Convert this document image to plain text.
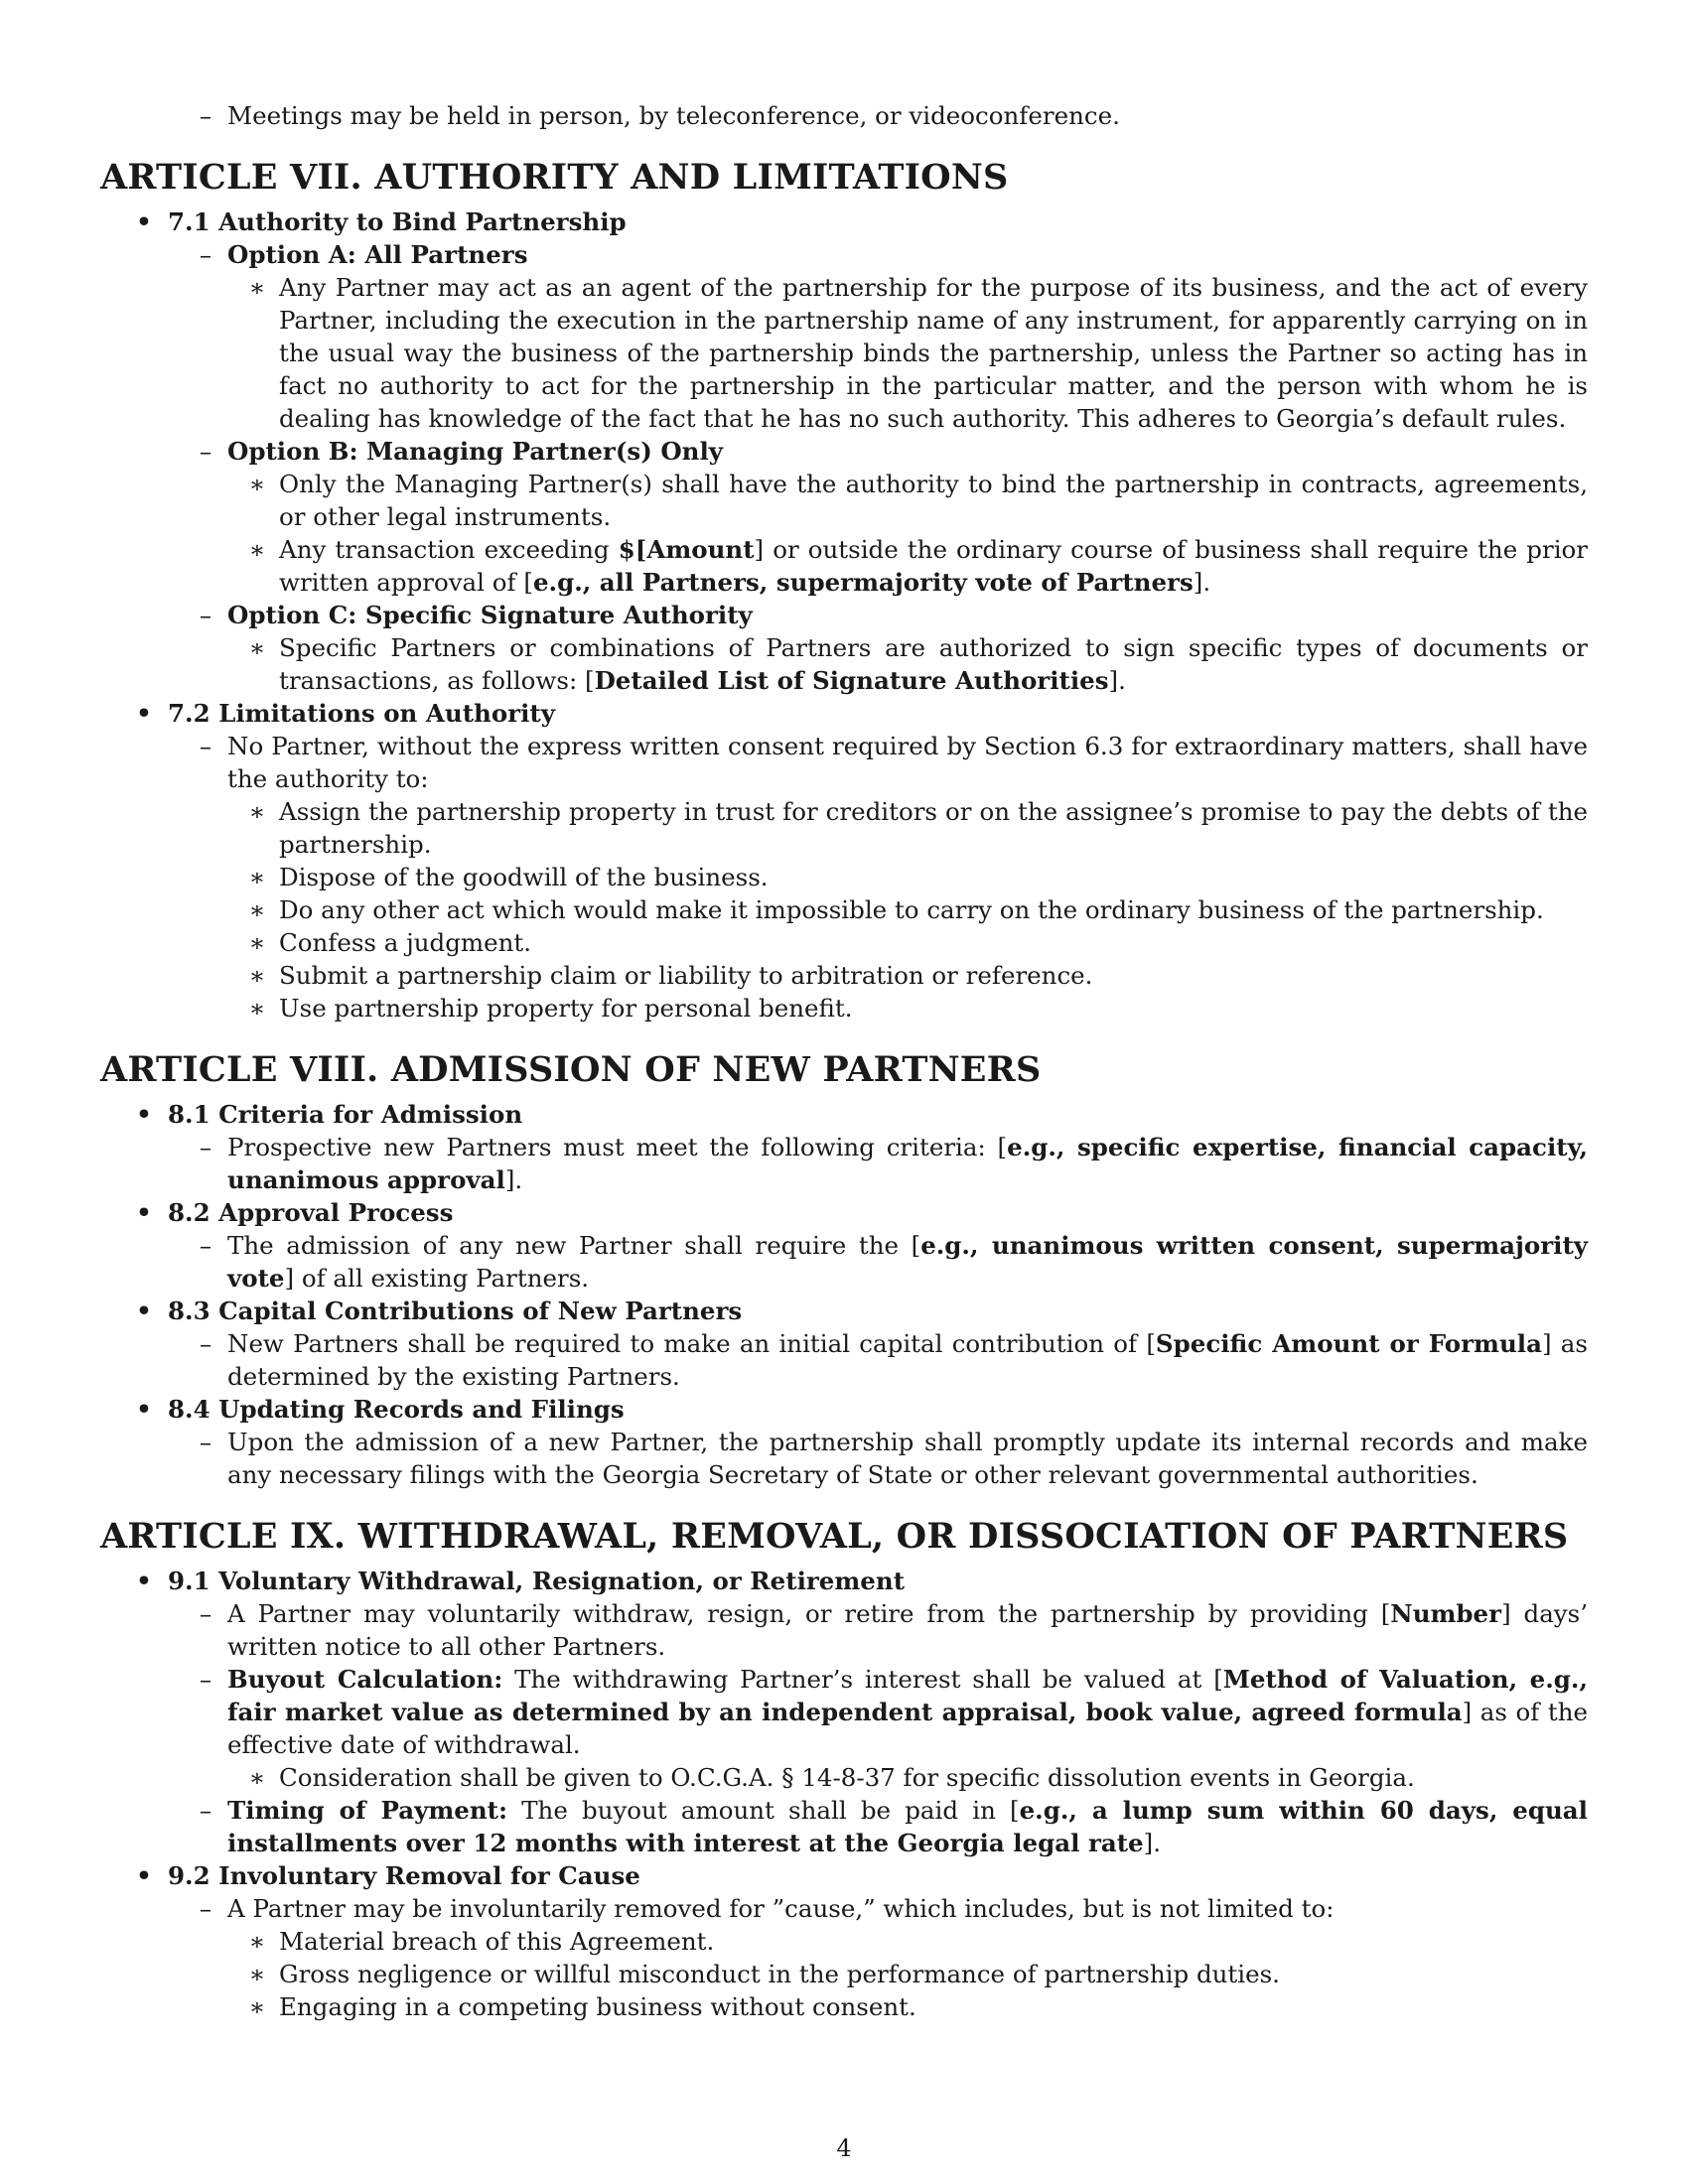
– Meetings may be held in person, by teleconference, or videoconference.
ARTICLE VII. AUTHORITY AND LIMITATIONS
• 7.1 Authority to Bind Partnership
– Option A: All Partners
∗ Any Partner may act as an agent of the partnership for the purpose of its business, and the act of every Partner, including the execution in the partnership name of any instrument, for apparently carrying on in the usual way the business of the partnership binds the partnership, unless the Partner so acting has in fact no authority to act for the partnership in the particular matter, and the person with whom he is dealing has knowledge of the fact that he has no such authority. This adheres to Georgia’s default rules.
– Option B: Managing Partner(s) Only
∗ Only the Managing Partner(s) shall have the authority to bind the partnership in contracts, agreements, or other legal instruments.
∗ Any transaction exceeding $[Amount] or outside the ordinary course of business shall require the prior written approval of [e.g., all Partners, supermajority vote of Partners].
– Option C: Specific Signature Authority
∗ Specific Partners or combinations of Partners are authorized to sign specific types of documents or transactions, as follows: [Detailed List of Signature Authorities].
• 7.2 Limitations on Authority
– No Partner, without the express written consent required by Section 6.3 for extraordinary matters, shall have the authority to:
∗ Assign the partnership property in trust for creditors or on the assignee’s promise to pay the debts of the partnership.
∗ Dispose of the goodwill of the business.
∗ Do any other act which would make it impossible to carry on the ordinary business of the partnership.
∗ Confess a judgment.
∗ Submit a partnership claim or liability to arbitration or reference.
∗ Use partnership property for personal benefit.
ARTICLE VIII. ADMISSION OF NEW PARTNERS
• 8.1 Criteria for Admission
– Prospective new Partners must meet the following criteria: [e.g., specific expertise, financial capacity, unanimous approval].
• 8.2 Approval Process
– The admission of any new Partner shall require the [e.g., unanimous written consent, supermajority vote] of all existing Partners.
• 8.3 Capital Contributions of New Partners
– New Partners shall be required to make an initial capital contribution of [Specific Amount or Formula] as determined by the existing Partners.
• 8.4 Updating Records and Filings
– Upon the admission of a new Partner, the partnership shall promptly update its internal records and make any necessary filings with the Georgia Secretary of State or other relevant governmental authorities.
ARTICLE IX. WITHDRAWAL, REMOVAL, OR DISSOCIATION OF PARTNERS
• 9.1 Voluntary Withdrawal, Resignation, or Retirement
– A Partner may voluntarily withdraw, resign, or retire from the partnership by providing [Number] days’ written notice to all other Partners.
– Buyout Calculation: The withdrawing Partner’s interest shall be valued at [Method of Valuation, e.g., fair market value as determined by an independent appraisal, book value, agreed formula] as of the effective date of withdrawal.
∗ Consideration shall be given to O.C.G.A. § 14-8-37 for specific dissolution events in Georgia.
– Timing of Payment: The buyout amount shall be paid in [e.g., a lump sum within 60 days, equal installments over 12 months with interest at the Georgia legal rate].
• 9.2 Involuntary Removal for Cause
– A Partner may be involuntarily removed for ”cause,” which includes, but is not limited to:
∗ Material breach of this Agreement.
∗ Gross negligence or willful misconduct in the performance of partnership duties.
∗ Engaging in a competing business without consent.
4
